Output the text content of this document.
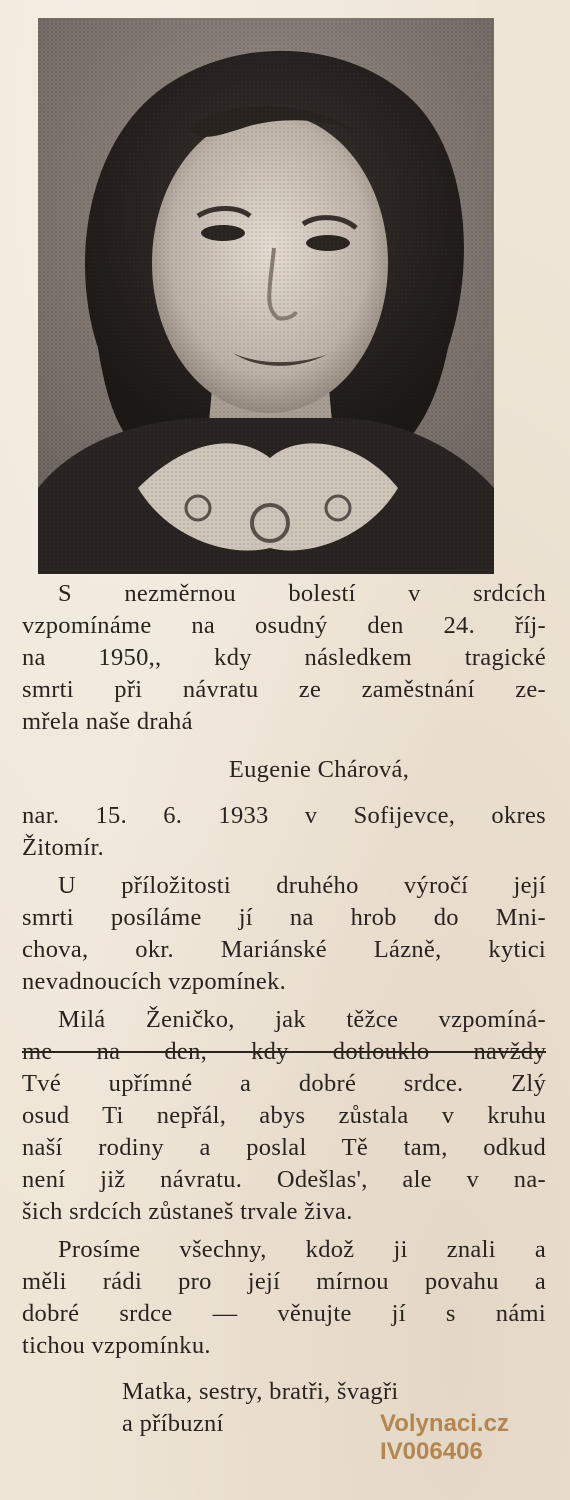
S nezměrnou bolestí v srdcích
vzpomínáme na osudný den 24. říj-
na 1950,, kdy následkem tragické
smrti při návratu ze zaměstnání ze-
mřela naše drahá
Eugenie Chárová,
nar. 15. 6. 1933 v Sofijevce, okres
Žitomír.
U příložitosti druhého výročí její
smrti posíláme jí na hrob do Mni-
chova, okr. Mariánské Lázně, kytici
nevadnoucích vzpomínek.
Milá Ženičko, jak těžce vzpomíná-
me na den, kdy dotlouklo navždy
Tvé upřímné a dobré srdce. Zlý
osud Ti nepřál, abys zůstala v kruhu
naší rodiny a poslal Tě tam, odkud
není již návratu. Odešlas', ale v na-
šich srdcích zůstaneš trvale živa.
Prosíme všechny, kdož ji znali a
měli rádi pro její mírnou povahu a
dobré srdce — věnujte jí s námi
tichou vzpomínku.
Matka, sestry, bratři, švagři
a příbuzní	Volynaci.cz
IV006406
